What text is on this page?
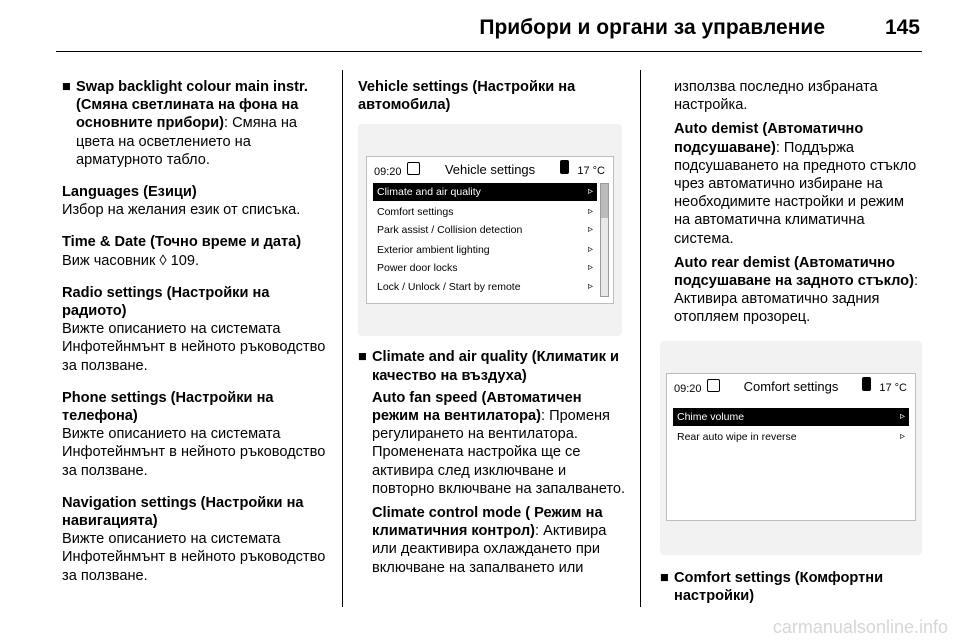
Прибори и органи за управление	145
■ Swap backlight colour main instr. (Смяна светлината на фона на основните прибори): Смяна на цвета на осветлението на арматурното табло.
Languages (Езици)
Избор на желания език от списъка.
Time & Date (Точно време и дата)
Виж часовник ◊ 109.
Radio settings (Настройки на радиото)
Вижте описанието на системата Инфотейнмънт в нейното ръководство за ползване.
Phone settings (Настройки на телефона)
Вижте описанието на системата Инфотейнмънт в нейното ръководство за ползване.
Navigation settings (Настройки на навигацията)
Вижте описанието на системата Инфотейнмънт в нейното ръководство за ползване.
Vehicle settings (Настройки на автомобила)
09:20	Vehicle settings	17 °C
Climate and air quality	▹
Comfort settings	▹
Park assist / Collision detection	▹
Exterior ambient lighting	▹
Power door locks	▹
Lock / Unlock / Start by remote	▹
■ Climate and air quality (Климатик и качество на въздуха)
Auto fan speed (Автоматичен режим на вентилатора): Променя регулирането на вентилатора. Променената настройка ще се активира след изключване и повторно включване на запалването.
Climate control mode ( Режим на климатичния контрол): Активира или деактивира охлаждането при включване на запалването или
използва последно избраната настройка.
Auto demist (Автоматично подсушаване): Поддържа подсушаването на предното стъкло чрез автоматично избиране на необходимите настройки и режим на автоматична климатична система.
Auto rear demist (Автоматично подсушаване на задното стъкло): Активира автоматично задния отопляем прозорец.
09:20	Comfort settings	17 °C
Chime volume	▹
Rear auto wipe in reverse	▹
■ Comfort settings (Комфортни настройки)
carmanualsonline.info
